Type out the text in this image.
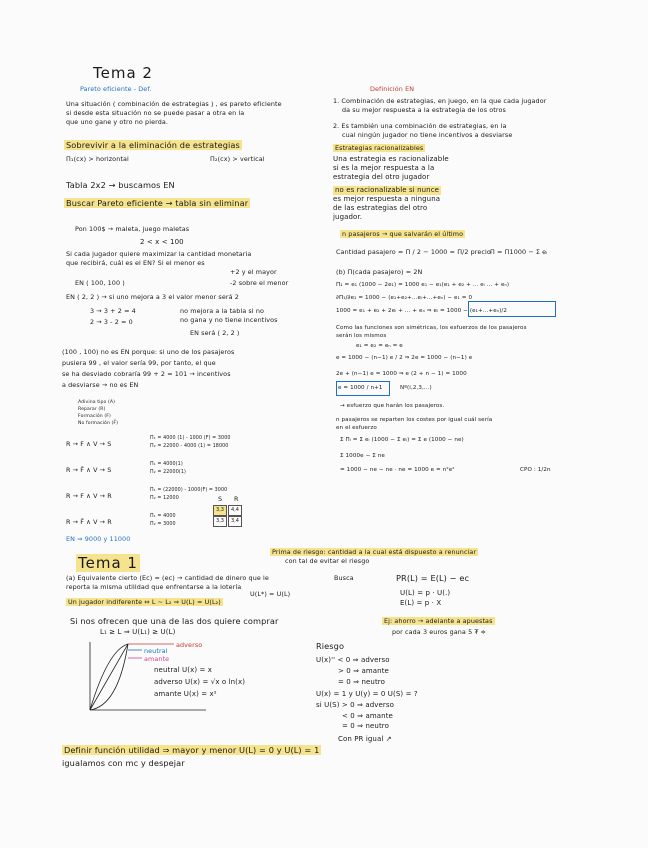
Tema 2
Pareto eficiente - Def.
Una situación ( combinación de estrategias ) , es pareto eficiente
si desde esta situación no se puede pasar a otra en la
que uno gane y otro no pierda.
Definición EN
1. Combinación de estrategias, en juego, en la que cada jugador
da su mejor respuesta a la estrategia de los otros
2. Es también una combinación de estrategias, en la
cual ningún jugador no tiene incentivos a desviarse
Sobrevivir a la eliminación de estrategias
Π₁(cx) > horizontal	Π₂(cx) > vertical
Tabla 2x2 → buscamos EN
Buscar Pareto eficiente → tabla sin eliminar
Estrategias racionalizables
Una estrategia es racionalizable
si es la mejor respuesta a la
estrategia del otro jugador
no es racionalizable si nunce
es mejor respuesta a ninguna
de las estrategias del otro
jugador.
Pon 100$ → maleta, juego maletas
2 < x < 100
Si cada jugador quiere maximizar la cantidad monetaria
que recibirá, cuál es el EN? Si el menor es
+2 y el mayor
EN ( 100, 100 )	-2 sobre el menor
EN ( 2, 2 ) → si uno mejora a 3 el valor menor será 2
3 → 3 + 2 = 4
2 → 3 - 2 = 0
no mejora a la tabla si no
no gana y no tiene incentivos
EN será ( 2, 2 )
(100 , 100) no es EN porque: si uno de los pasajeros
pusiera 99 , el valor sería 99, por tanto, el que
se ha desviado cobraría 99 + 2 = 101 → incentivos
a desviarse → no es EN
Adivina tipo (A)
Reparar (R)
Formación (F)
No formación (F̄)
R → F ∧ V → S
Π₁ = 4000 (1) - 1000 (F) = 3000
Π₂ = 22000 - 4000 (1) = 18000
R → F̄ ∧ V → S
Π₁ = 4000(1)
Π₂ = 22000(1)
R → F ∧ V → R
Π₁ = (22000) - 1000(F) = 3000
Π₂ = 12000
R → F̄ ∧ V → R
Π₁ = 4000
Π₂ = 3000
EN ⇒ 9000 y 11000
S R
3,3	4,4
3,3	3,4
n pasajeros → que salvarán el último
Cantidad pasajero = Π / 2 − 1000 = Π/2 precio Π = Π1000 − Σ eᵢ
(b) Π(cada pasajero) = 2N
Π₁ = e₁ (1000 − 2e₁) = 1000 e₁ − e₁(e₁ + e₂ + ... eᵢ ... + eₙ)
∂Π₁/∂e₁ = 1000 − (e₁+e₂+...eᵢ+...+eₙ) − e₁ = 0
1000 = e₁ + e₂ + 2eᵢ + ... + eₙ ⇒ eᵢ = 1000 − (e₁+...+eₙ)/2
Como las funciones son simétricas, los esfuerzos de los pasajeros
serán los mismos
e₁ = e₂ = eₙ = e
e = 1000 − (n−1) e / 2 ⇒ 2e = 1000 − (n−1) e
2e + (n−1) e = 1000 ⇒ e (2 + n − 1) = 1000
e = 1000 / n+1	Nº(i,2,3,...)
→ esfuerzo que harán los pasajeros.
n pasajeros se reparten los costes por igual cuál sería
en el esfuerzo
Σ Πᵢ = Σ eᵢ (1000 − Σ eᵢ) = Σ e (1000 − ne)
Σ 1000e − Σ ne
= 1000 − ne − ne · ne = 1000 e = n²e²	CPO : 1/2n
Tema 1
Prima de riesgo: cantidad a la cual está dispuesto a renunciar
con tal de evitar el riesgo
(a) Equivalente cierto (Ec) = (ec) → cantidad de dinero que le
reporta la misma utilidad que enfrentarse a la lotería
U(L*) = U(L)
Busca	PR(L) = E(L) − ec
U(L) = p · U(.)
E(L) = p · X
Un jugador indiferente ⇔ L ~ L₂ ⇒ U(L) = U(L₂)
Si nos ofrecen que una de las dos quiere comprar
L₁ ≥ L ⇒ U(L₁) ≥ U(L)
Ej: ahorro → adelante a apuestas
por cada 3 euros gana 5 ₮ ≑
adverso
neutral
amante
neutral U(x) = x
adverso U(x) = √x o ln(x)
amante U(x) = x²
Riesgo
U(x)'' < 0 ⇒ adverso
> 0 ⇒ amante
= 0 ⇒ neutro
U(x) = 1 y U(y) = 0 U(S) = ?
si U(S) > 0 ⇒ adverso
< 0 ⇒ amante
= 0 ⇒ neutro
Con PR igual ↗
Definir función utilidad ⇒ mayor y menor U(L) = 0 y U(L) = 1
igualamos con mc y despejar
